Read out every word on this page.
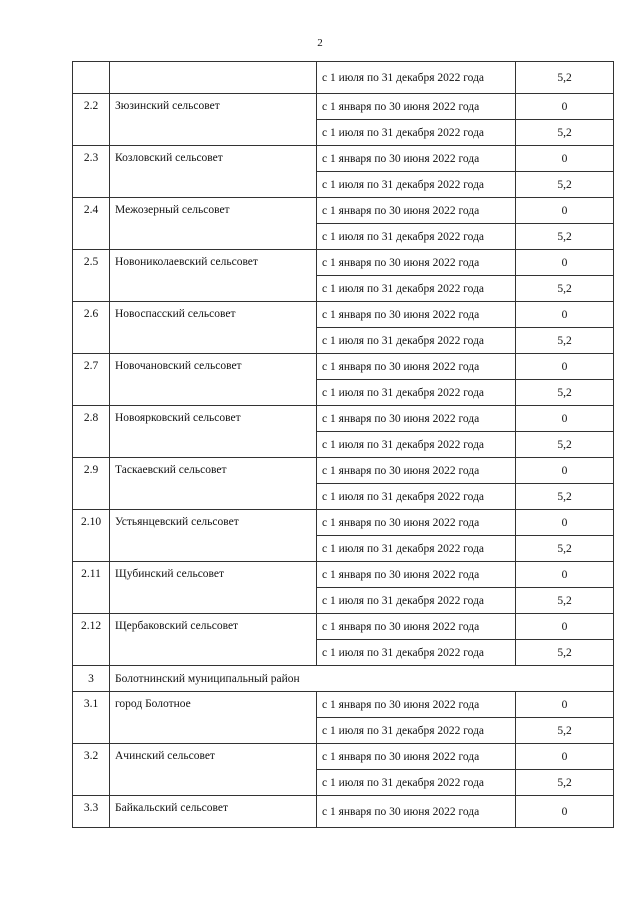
2
		с 1 июля по 31 декабря 2022 года	5,2
2.2	Зюзинский сельсовет	с 1 января по 30 июня 2022 года	0
		с 1 июля по 31 декабря 2022 года	5,2
2.3	Козловский сельсовет	с 1 января по 30 июня 2022 года	0
		с 1 июля по 31 декабря 2022 года	5,2
2.4	Межозерный сельсовет	с 1 января по 30 июня 2022 года	0
		с 1 июля по 31 декабря 2022 года	5,2
2.5	Новониколаевский сельсовет	с 1 января по 30 июня 2022 года	0
		с 1 июля по 31 декабря 2022 года	5,2
2.6	Новоспасский сельсовет	с 1 января по 30 июня 2022 года	0
		с 1 июля по 31 декабря 2022 года	5,2
2.7	Новочановский сельсовет	с 1 января по 30 июня 2022 года	0
		с 1 июля по 31 декабря 2022 года	5,2
2.8	Новоярковский сельсовет	с 1 января по 30 июня 2022 года	0
		с 1 июля по 31 декабря 2022 года	5,2
2.9	Таскаевский сельсовет	с 1 января по 30 июня 2022 года	0
		с 1 июля по 31 декабря 2022 года	5,2
2.10	Устьянцевский сельсовет	с 1 января по 30 июня 2022 года	0
		с 1 июля по 31 декабря 2022 года	5,2
2.11	Щубинский сельсовет	с 1 января по 30 июня 2022 года	0
		с 1 июля по 31 декабря 2022 года	5,2
2.12	Щербаковский сельсовет	с 1 января по 30 июня 2022 года	0
		с 1 июля по 31 декабря 2022 года	5,2
3	Болотнинский муниципальный район		
3.1	город Болотное	с 1 января по 30 июня 2022 года	0
		с 1 июля по 31 декабря 2022 года	5,2
3.2	Ачинский сельсовет	с 1 января по 30 июня 2022 года	0
		с 1 июля по 31 декабря 2022 года	5,2
3.3	Байкальский сельсовет	с 1 января по 30 июня 2022 года	0
